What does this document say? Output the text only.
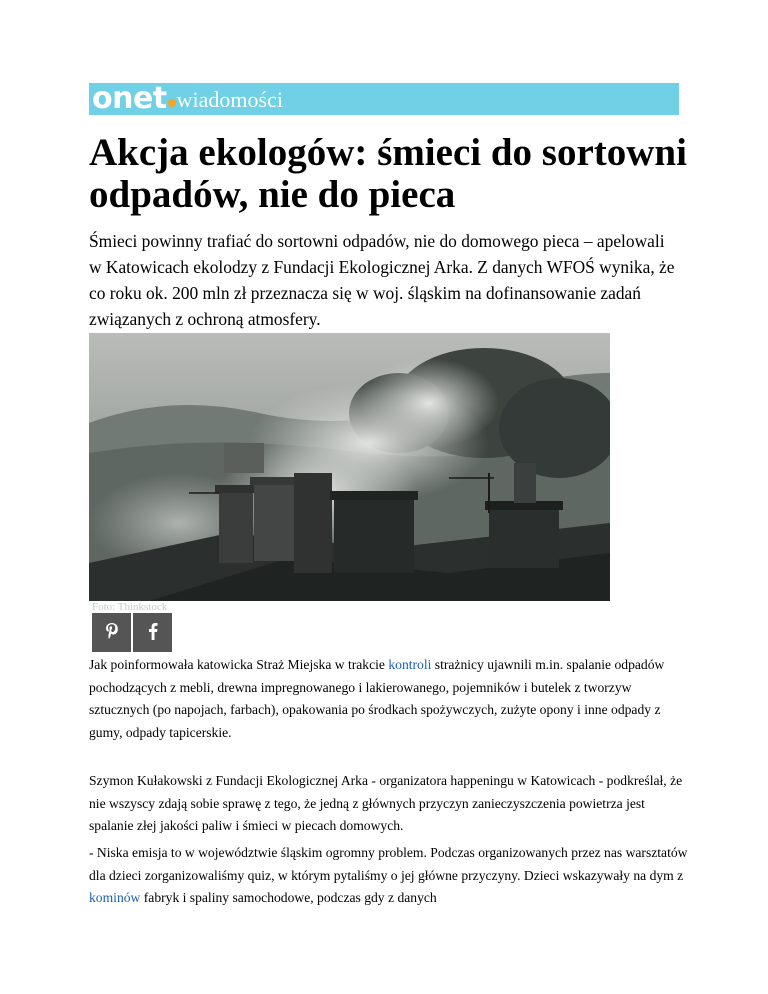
onet wiadomości
Akcja ekologów: śmieci do sortowni odpadów, nie do pieca

Śmieci powinny trafiać do sortowni odpadów, nie do domowego pieca – apelowali w Katowicach ekolodzy z Fundacji Ekologicznej Arka. Z danych WFOŚ wynika, że co roku ok. 200 mln zł przeznacza się w woj. śląskim na dofinansowanie zadań związanych z ochroną atmosfery.

Foto: Thinkstock

Jak poinformowała katowicka Straż Miejska w trakcie kontroli strażnicy ujawnili m.in. spalanie odpadów pochodzących z mebli, drewna impregnowanego i lakierowanego, pojemników i butelek z tworzyw sztucznych (po napojach, farbach), opakowania po środkach spożywczych, zużyte opony i inne odpady z gumy, odpady tapicerskie.

Szymon Kułakowski z Fundacji Ekologicznej Arka - organizatora happeningu w Katowicach - podkreślał, że nie wszyscy zdają sobie sprawę z tego, że jedną z głównych przyczyn zanieczyszczenia powietrza jest spalanie złej jakości paliw i śmieci w piecach domowych.

- Niska emisja to w województwie śląskim ogromny problem. Podczas organizowanych przez nas warsztatów dla dzieci zorganizowaliśmy quiz, w którym pytaliśmy o jej główne przyczyny. Dzieci wskazywały na dym z kominów fabryk i spaliny samochodowe, podczas gdy z danych
